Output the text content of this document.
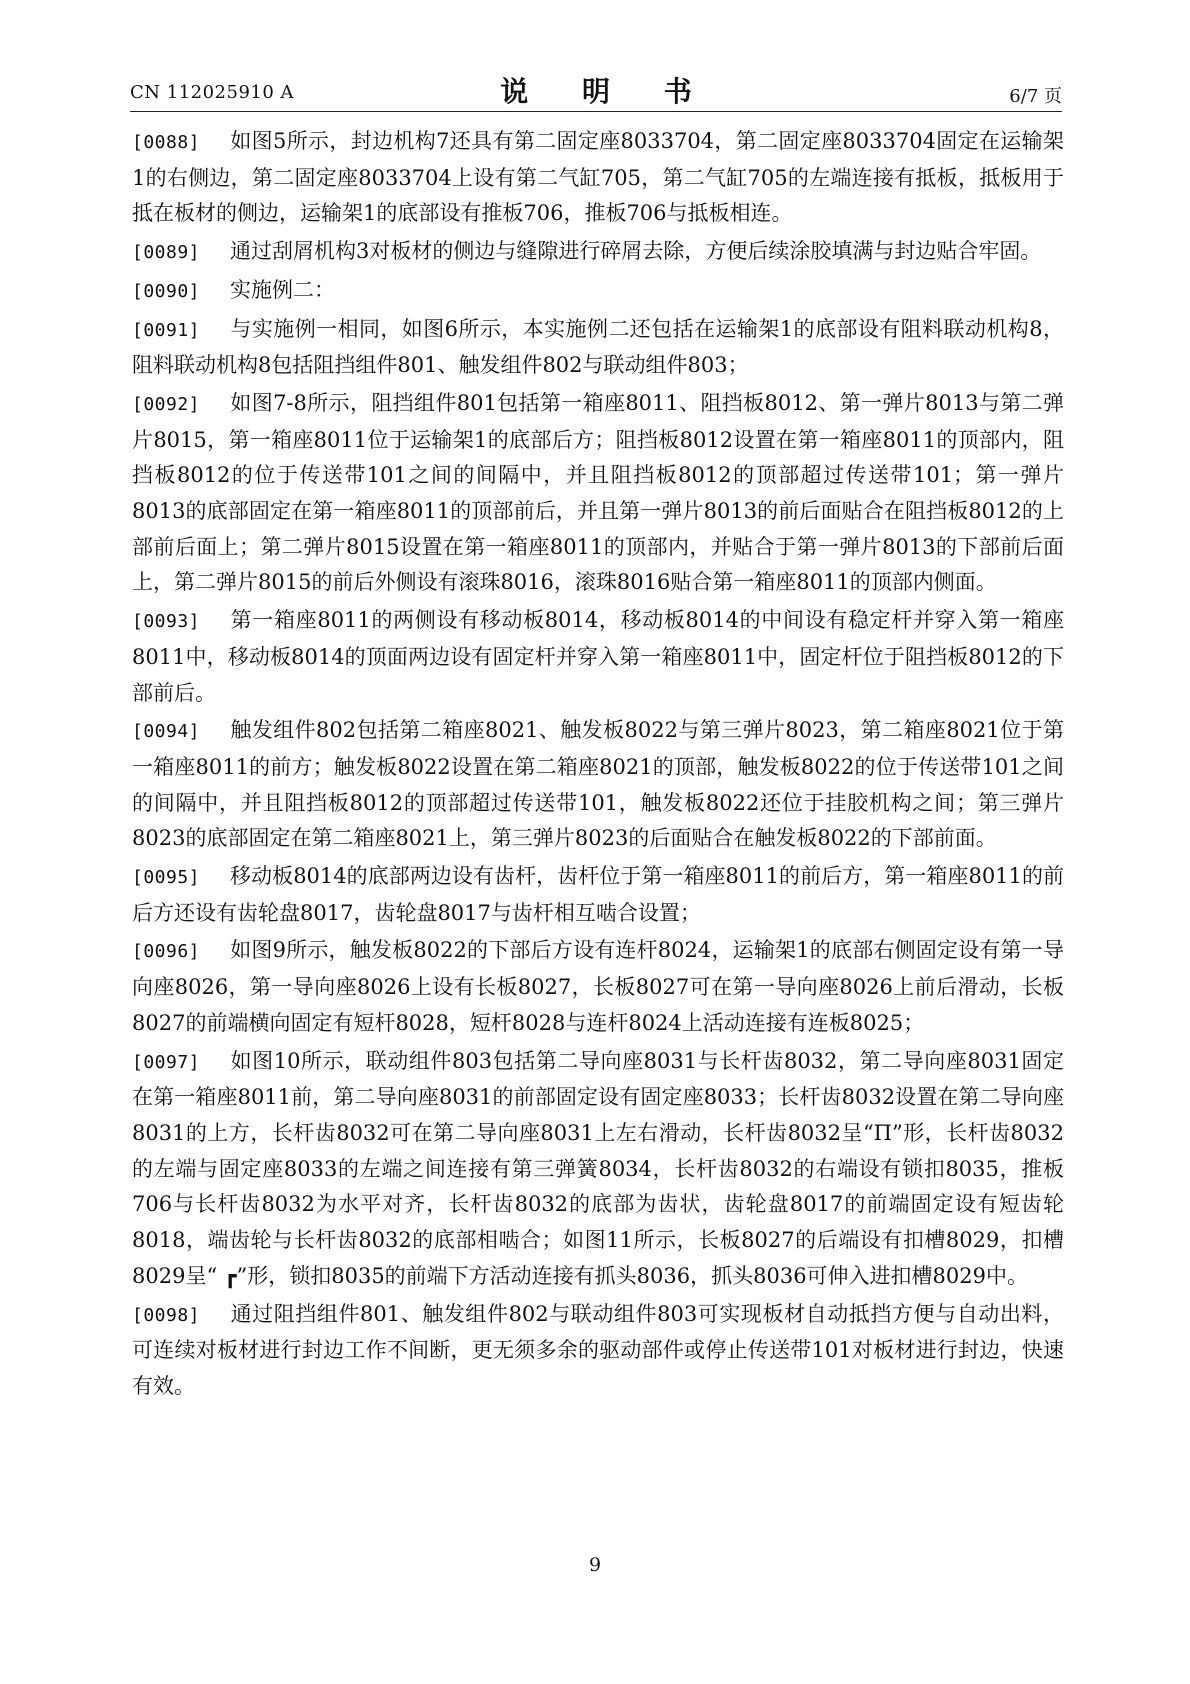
CN 112025910 A	说 明 书	6/7 页

[0088] 如图5所示，封边机构7还具有第二固定座8033704，第二固定座8033704固定在运输架1的右侧边，第二固定座8033704上设有第二气缸705，第二气缸705的左端连接有抵板，抵板用于抵在板材的侧边，运输架1的底部设有推板706，推板706与抵板相连。

[0089] 通过刮屑机构3对板材的侧边与缝隙进行碎屑去除，方便后续涂胶填满与封边贴合牢固。

[0090] 实施例二：

[0091] 与实施例一相同，如图6所示，本实施例二还包括在运输架1的底部设有阻料联动机构8，阻料联动机构8包括阻挡组件801、触发组件802与联动组件803；

[0092] 如图7-8所示，阻挡组件801包括第一箱座8011、阻挡板8012、第一弹片8013与第二弹片8015，第一箱座8011位于运输架1的底部后方；阻挡板8012设置在第一箱座8011的顶部内，阻挡板8012的位于传送带101之间的间隔中，并且阻挡板8012的顶部超过传送带101；第一弹片8013的底部固定在第一箱座8011的顶部前后，并且第一弹片8013的前后面贴合在阻挡板8012的上部前后面上；第二弹片8015设置在第一箱座8011的顶部内，并贴合于第一弹片8013的下部前后面上，第二弹片8015的前后外侧设有滚珠8016，滚珠8016贴合第一箱座8011的顶部内侧面。

[0093] 第一箱座8011的两侧设有移动板8014，移动板8014的中间设有稳定杆并穿入第一箱座8011中，移动板8014的顶面两边设有固定杆并穿入第一箱座8011中，固定杆位于阻挡板8012的下部前后。

[0094] 触发组件802包括第二箱座8021、触发板8022与第三弹片8023，第二箱座8021位于第一箱座8011的前方；触发板8022设置在第二箱座8021的顶部，触发板8022的位于传送带101之间的间隔中，并且阻挡板8012的顶部超过传送带101，触发板8022还位于挂胶机构之间；第三弹片8023的底部固定在第二箱座8021上，第三弹片8023的后面贴合在触发板8022的下部前面。

[0095] 移动板8014的底部两边设有齿杆，齿杆位于第一箱座8011的前后方，第一箱座8011的前后方还设有齿轮盘8017，齿轮盘8017与齿杆相互啮合设置；

[0096] 如图9所示，触发板8022的下部后方设有连杆8024，运输架1的底部右侧固定设有第一导向座8026，第一导向座8026上设有长板8027，长板8027可在第一导向座8026上前后滑动，长板8027的前端横向固定有短杆8028，短杆8028与连杆8024上活动连接有连板8025；

[0097] 如图10所示，联动组件803包括第二导向座8031与长杆齿8032，第二导向座8031固定在第一箱座8011前，第二导向座8031的前部固定设有固定座8033；长杆齿8032设置在第二导向座8031的上方，长杆齿8032可在第二导向座8031上左右滑动，长杆齿8032呈“Π”形，长杆齿8032的左端与固定座8033的左端之间连接有第三弹簧8034，长杆齿8032的右端设有锁扣8035，推板706与长杆齿8032为水平对齐，长杆齿8032的底部为齿状，齿轮盘8017的前端固定设有短齿轮8018，端齿轮与长杆齿8032的底部相啮合；如图11所示，长板8027的后端设有扣槽8029，扣槽8029呈“ ┏”形，锁扣8035的前端下方活动连接有抓头8036，抓头8036可伸入进扣槽8029中。

[0098] 通过阻挡组件801、触发组件802与联动组件803可实现板材自动抵挡方便与自动出料，可连续对板材进行封边工作不间断，更无须多余的驱动部件或停止传送带101对板材进行封边，快速有效。

9
